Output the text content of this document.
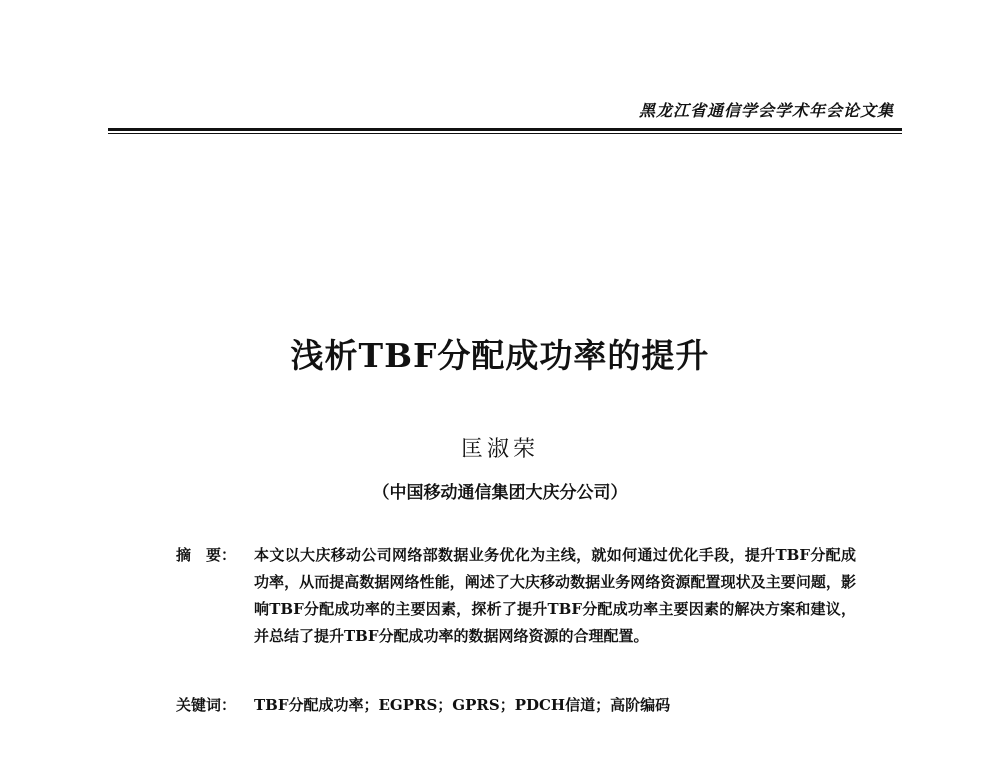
黑龙江省通信学会学术年会论文集
浅析TBF分配成功率的提升
匡淑荣
（中国移动通信集团大庆分公司）
摘　要： 本文以大庆移动公司网络部数据业务优化为主线，就如何通过优化手段，提升TBF分配成功率，从而提高数据网络性能，阐述了大庆移动数据业务网络资源配置现状及主要问题，影响TBF分配成功率的主要因素，探析了提升TBF分配成功率主要因素的解决方案和建议，并总结了提升TBF分配成功率的数据网络资源的合理配置。
关键词： TBF分配成功率；EGPRS；GPRS；PDCH信道；高阶编码
